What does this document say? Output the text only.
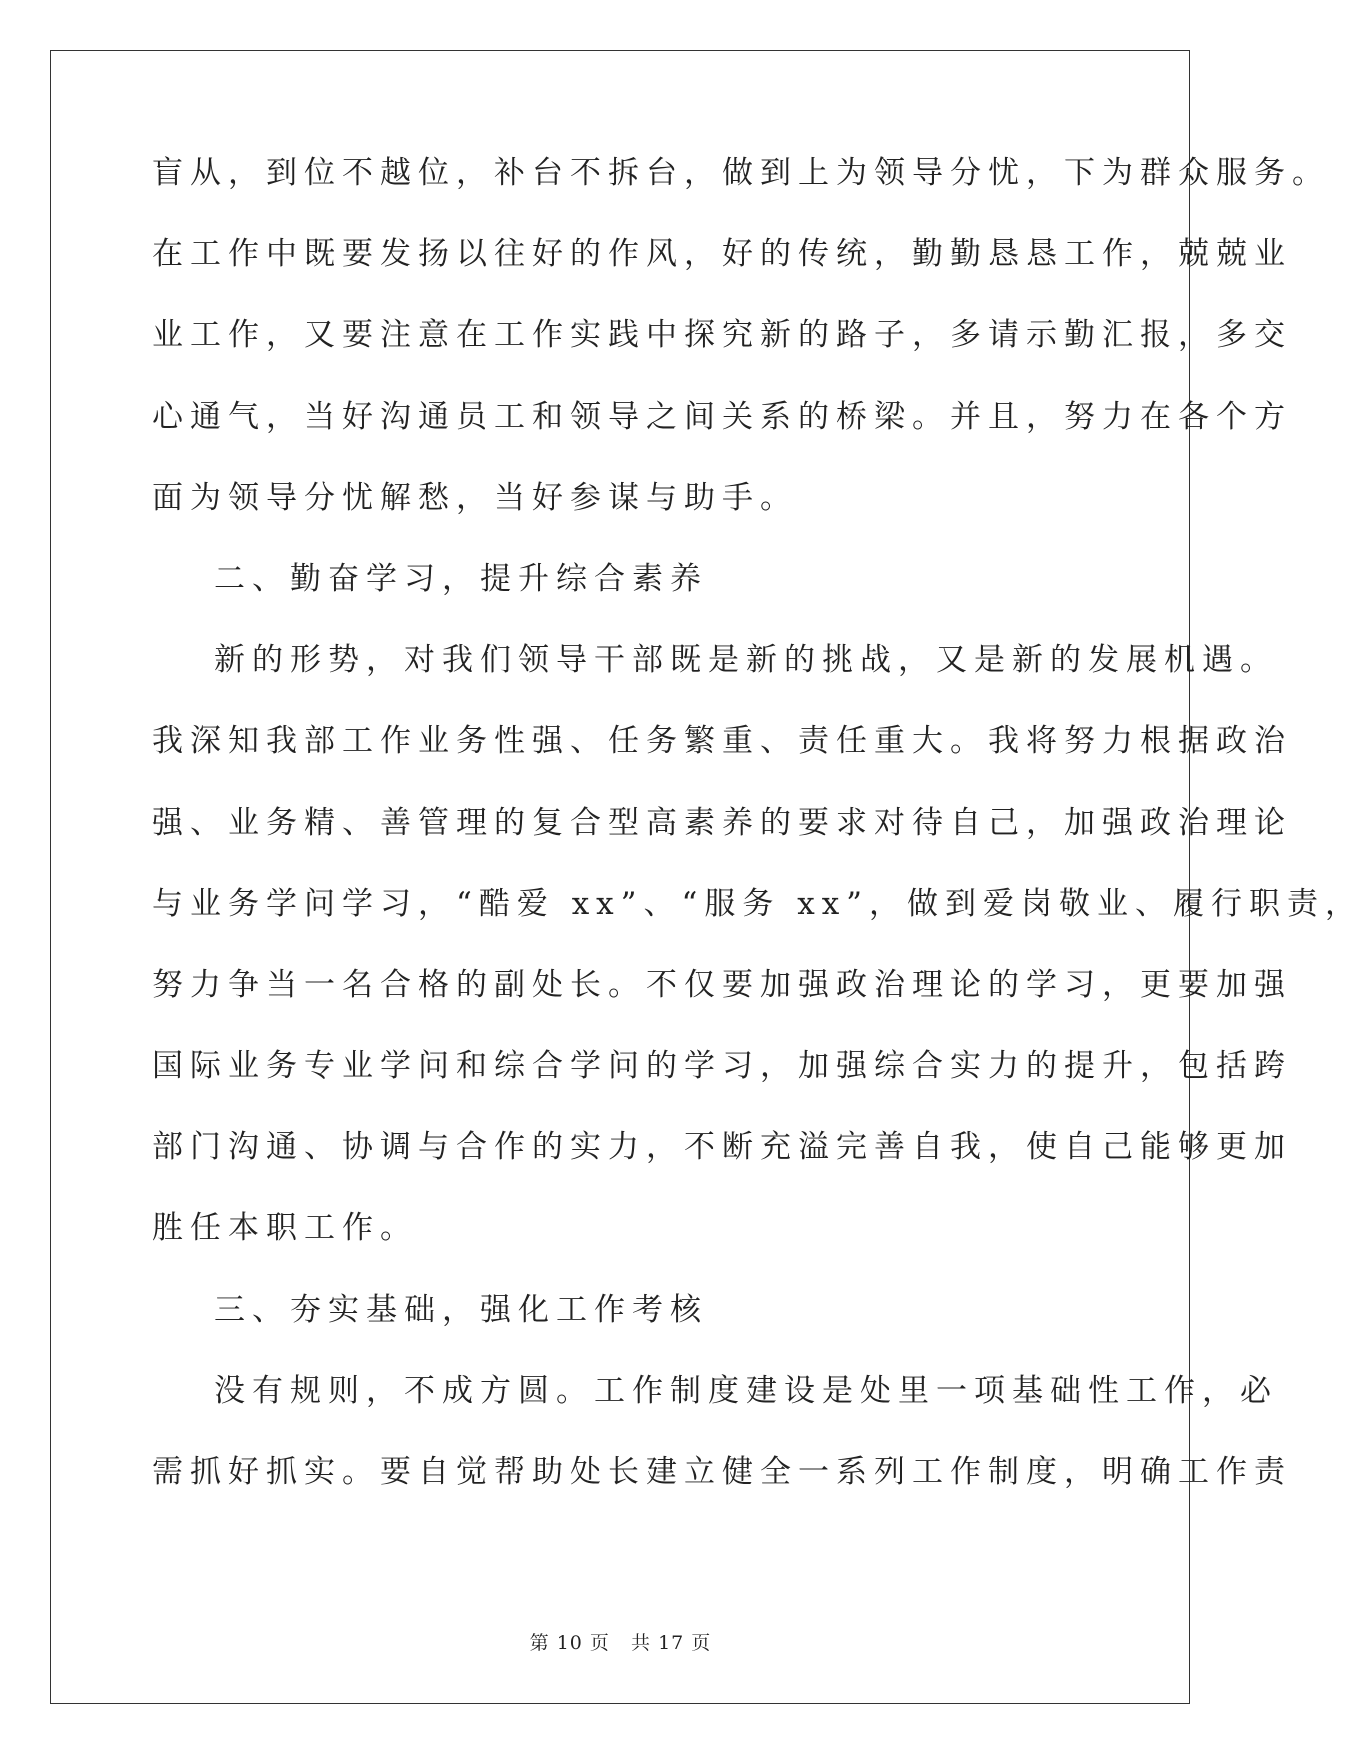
盲从，到位不越位，补台不拆台，做到上为领导分忧，下为群众服务。
在工作中既要发扬以往好的作风，好的传统，勤勤恳恳工作，兢兢业
业工作，又要注意在工作实践中探究新的路子，多请示勤汇报，多交
心通气，当好沟通员工和领导之间关系的桥梁。并且，努力在各个方
面为领导分忧解愁，当好参谋与助手。
二、勤奋学习，提升综合素养
新的形势，对我们领导干部既是新的挑战，又是新的发展机遇。
我深知我部工作业务性强、任务繁重、责任重大。我将努力根据政治
强、业务精、善管理的复合型高素养的要求对待自己，加强政治理论
与业务学问学习，“酷爱 xx”、“服务 xx”，做到爱岗敬业、履行职责，
努力争当一名合格的副处长。不仅要加强政治理论的学习，更要加强
国际业务专业学问和综合学问的学习，加强综合实力的提升，包括跨
部门沟通、协调与合作的实力，不断充溢完善自我，使自己能够更加
胜任本职工作。
三、夯实基础，强化工作考核
没有规则，不成方圆。工作制度建设是处里一项基础性工作，必
需抓好抓实。要自觉帮助处长建立健全一系列工作制度，明确工作责
第 10 页   共 17 页
